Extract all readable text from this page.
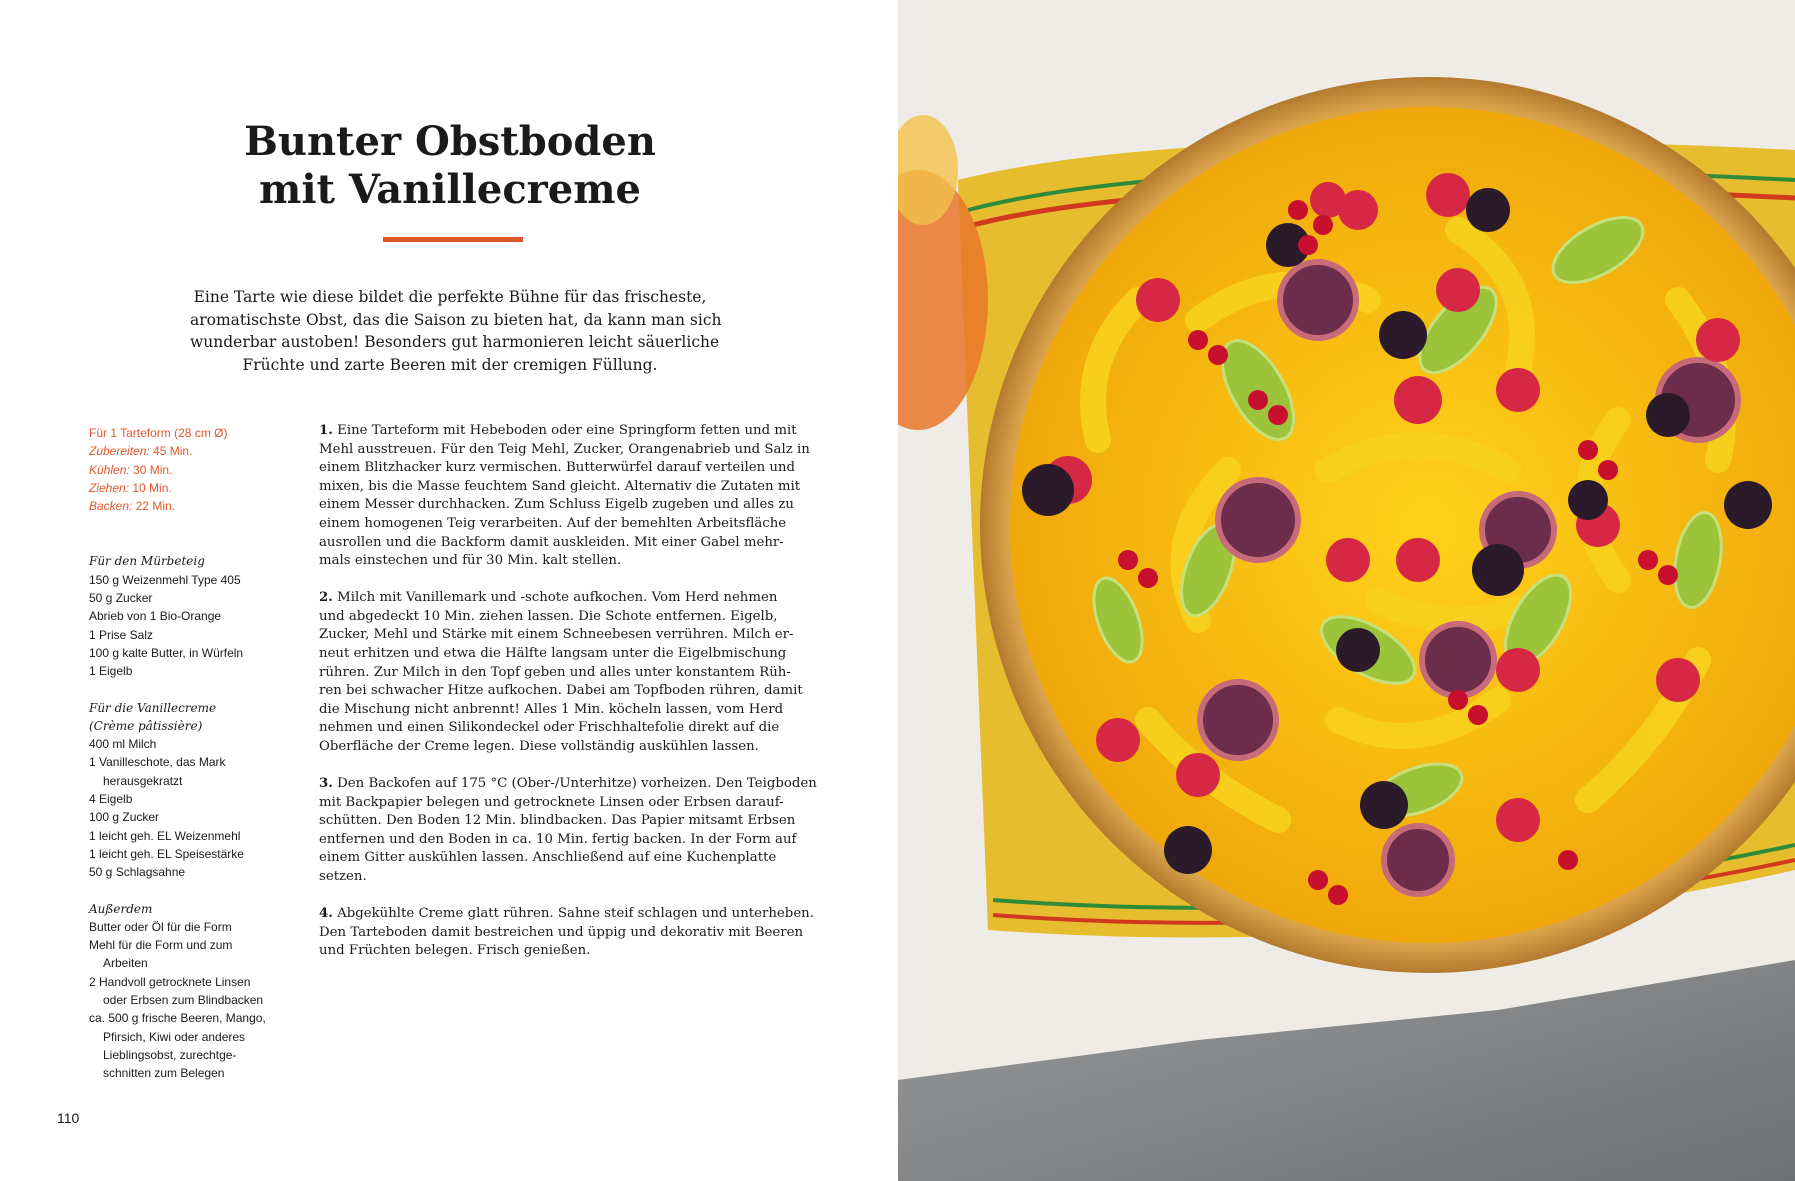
Bunter Obstboden
mit Vanillecreme

Eine Tarte wie diese bildet die perfekte Bühne für das frischeste,
aromatischste Obst, das die Saison zu bieten hat, da kann man sich
wunderbar austoben! Besonders gut harmonieren leicht säuerliche
Früchte und zarte Beeren mit der cremigen Füllung.

Für 1 Tarteform (28 cm Ø)
Zubereiten: 45 Min.
Kühlen: 30 Min.
Ziehen: 10 Min.
Backen: 22 Min.
Für den Mürbeteig
150 g Weizenmehl Type 405
50 g Zucker
Abrieb von 1 Bio-Orange
1 Prise Salz
100 g kalte Butter, in Würfeln
1 Eigelb
Für die Vanillecreme
(Crème pâtissière)
400 ml Milch
1 Vanilleschote, das Mark
herausgekratzt
4 Eigelb
100 g Zucker
1 leicht geh. EL Weizenmehl
1 leicht geh. EL Speisestärke
50 g Schlagsahne
Außerdem
Butter oder Öl für die Form
Mehl für die Form und zum
Arbeiten
2 Handvoll getrocknete Linsen
oder Erbsen zum Blindbacken
ca. 500 g frische Beeren, Mango,
Pfirsich, Kiwi oder anderes
Lieblingsobst, zurechtge-
schnitten zum Belegen

1. Eine Tarteform mit Hebeboden oder eine Springform fetten und mit
Mehl ausstreuen. Für den Teig Mehl, Zucker, Orangenabrieb und Salz in
einem Blitzhacker kurz vermischen. Butterwürfel darauf verteilen und
mixen, bis die Masse feuchtem Sand gleicht. Alternativ die Zutaten mit
einem Messer durchhacken. Zum Schluss Eigelb zugeben und alles zu
einem homogenen Teig verarbeiten. Auf der bemehlten Arbeitsfläche
ausrollen und die Backform damit auskleiden. Mit einer Gabel mehr-
mals einstechen und für 30 Min. kalt stellen.

2. Milch mit Vanillemark und -schote aufkochen. Vom Herd nehmen
und abgedeckt 10 Min. ziehen lassen. Die Schote entfernen. Eigelb,
Zucker, Mehl und Stärke mit einem Schneebesen verrühren. Milch er-
neut erhitzen und etwa die Hälfte langsam unter die Eigelbmischung
rühren. Zur Milch in den Topf geben und alles unter konstantem Rüh-
ren bei schwacher Hitze aufkochen. Dabei am Topfboden rühren, damit
die Mischung nicht anbrennt! Alles 1 Min. köcheln lassen, vom Herd
nehmen und einen Silikondeckel oder Frischhaltefolie direkt auf die
Oberfläche der Creme legen. Diese vollständig auskühlen lassen.

3. Den Backofen auf 175 °C (Ober-/Unterhitze) vorheizen. Den Teigboden
mit Backpapier belegen und getrocknete Linsen oder Erbsen darauf-
schütten. Den Boden 12 Min. blindbacken. Das Papier mitsamt Erbsen
entfernen und den Boden in ca. 10 Min. fertig backen. In der Form auf
einem Gitter auskühlen lassen. Anschließend auf eine Kuchenplatte
setzen.

4. Abgekühlte Creme glatt rühren. Sahne steif schlagen und unterheben.
Den Tarteboden damit bestreichen und üppig und dekorativ mit Beeren
und Früchten belegen. Frisch genießen.

110
